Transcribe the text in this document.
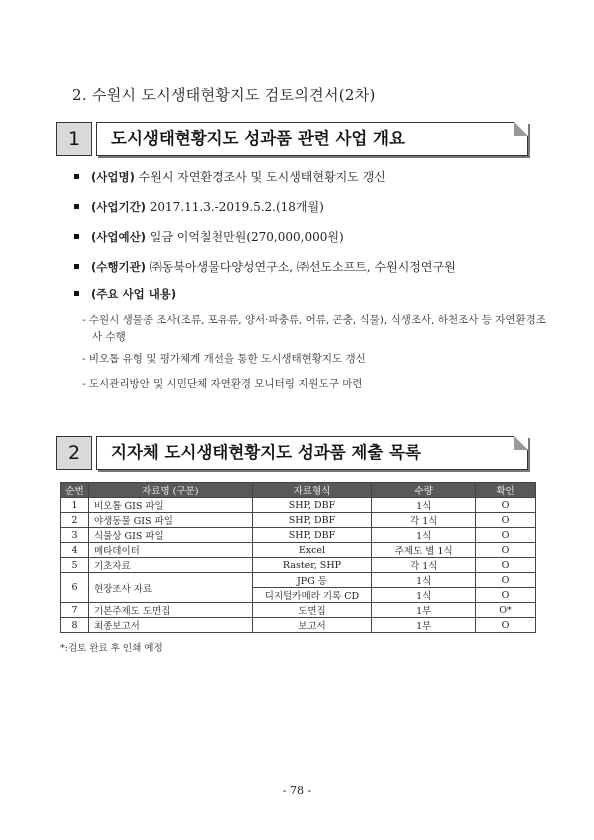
2. 수원시 도시생태현황지도 검토의견서(2차)
1	도시생태현황지도 성과품 관련 사업 개요
(사업명) 수원시 자연환경조사 및 도시생태현황지도 갱신
(사업기간) 2017.11.3.-2019.5.2.(18개월)
(사업예산) 일금 이억칠천만원(270,000,000원)
(수행기관) ㈜동북아생물다양성연구소, ㈜선도소프트, 수원시정연구원
(주요 사업 내용)
- 수원시 생물종 조사(조류, 포유류, 양서·파충류, 어류, 곤충, 식물), 식생조사, 하천조사 등 자연환경조사 수행
- 비오톱 유형 및 평가체계 개선을 통한 도시생태현황지도 갱신
- 도시관리방안 및 시민단체 자연환경 모니터링 지원도구 마련
2	지자체 도시생태현황지도 성과품 제출 목록
순번	자료명 (구분)	자료형식	수량	확인
1	비오톱 GIS 파일	SHP, DBF	1식	O
2	야생동물 GIS 파일	SHP, DBF	각 1식	O
3	식물상 GIS 파일	SHP, DBF	1식	O
4	메타데이터	Excel	주제도 별 1식	O
5	기초자료	Raster, SHP	각 1식	O
6	현장조사 자료	JPG 등	1식	O
		디지털카메라 기록 CD	1식	O
7	기본주제도 도면집	도면집	1부	O*
8	최종보고서	보고서	1부	O
*:검토 완료 후 인쇄 예정
- 78 -
